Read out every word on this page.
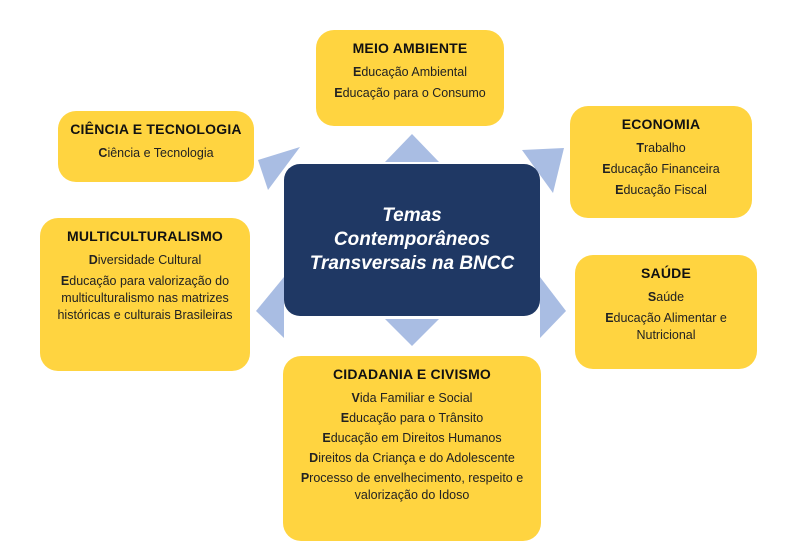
Temas
Contemporâneos
Transversais na BNCC
MEIO AMBIENTE
Educação Ambiental
Educação para o Consumo
CIÊNCIA E TECNOLOGIA
Ciência e Tecnologia
ECONOMIA
Trabalho
Educação Financeira
Educação Fiscal
MULTICULTURALISMO
Diversidade Cultural
Educação para valorização do multiculturalismo nas matrizes históricas e culturais Brasileiras
SAÚDE
Saúde
Educação Alimentar e Nutricional
CIDADANIA E CIVISMO
Vida Familiar e Social
Educação para o Trânsito
Educação em Direitos Humanos
Direitos da Criança e do Adolescente
Processo de envelhecimento, respeito e valorização do Idoso
